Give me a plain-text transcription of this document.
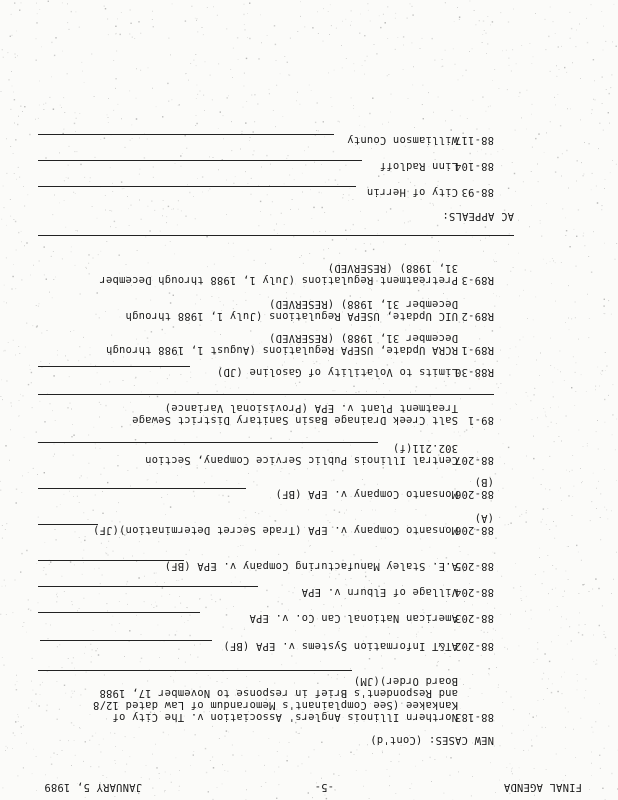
FINAL AGENDA
-5-
JANUARY 5, 1989
NEW CASES: (Cont'd)
88-183
Northern Illinois Anglers' Association v. The City of
Kankakee (See Complainant's Memorandum of Law dated 12/8
and Respondent's Brief in response to November 17, 1988
Board Order)(JM)
88-202
AT&T Information Systems v. EPA (BF)
88-203
American National Can Co. v. EPA
88-204
Village of Elburn v. EPA
88-205
A.E. Staley Manufacturing Company v. EPA (BF)
88-206
Monsanto Company v. EPA (Trade Secret Determination)(JF)
(A)
88-206
Monsanto Company v. EPA (BF)
(B)
88-207
Central Illinois Public Service Company, Section
302.211(f)
89-1
Salt Creek Drainage Basin Sanitary District Sewage
Treatment Plant v. EPA (Provisional Variance)
R88-30
Limits to Volatility of Gasoline (JD)
R89-1
RCRA Update, USEPA Regulations (August 1, 1988 through
December 31, 1988) (RESERVED)
R89-2
UIC Update, USEPA Regulations (July 1, 1988 through
December 31, 1988) (RESERVED)
R89-3
Pretreatment Regulations (July 1, 1988 through December
31, 1988) (RESERVED)
AC APPEALS:
88-93
City of Herrin
88-104
Linn Radloff
88-117
Williamson County
